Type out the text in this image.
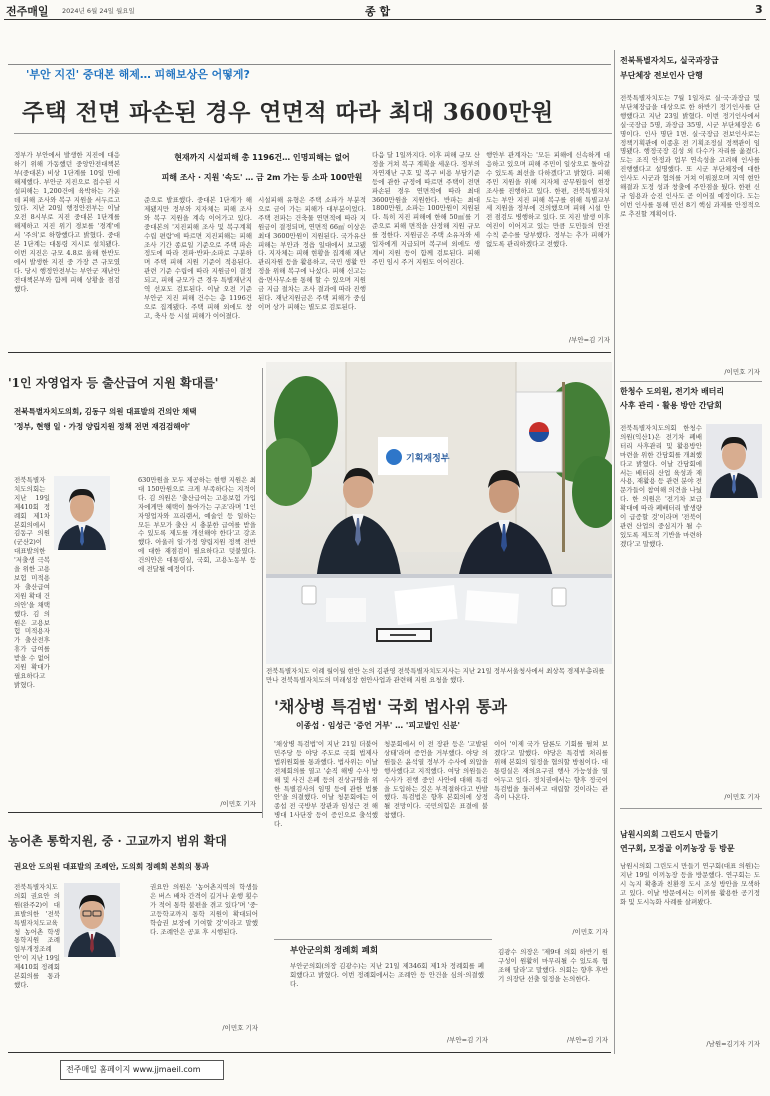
전주매일 2024년 6월 24일 월요일	종 합	3
'부안 지진' 중대본 해제… 피해보상은 어떻게?
주택 전면 파손된 경우 연면적 따라 최대 3600만원

정부가 부안에서 발생한 지진에 대응하기 위해 가동했던 중앙안전대책본부(중대본) 비상 1단계를 10일 만에 해제했다. 부안군 지진으로 접수된 시설피해는 1,200건에 육박하는 가운데 피해 조사와 복구 지원을 서두르고 있다. 지난 20일 행정안전부는 이날 오전 8시부로 지진 중대본 1단계를 해제하고 지진 위기 경보를 '경계'에서 '주의'로 하향했다고 밝혔다. 중대본 1단계는 대통령 지시로 설치됐다. 이번 지진은 규모 4.8로 올해 한반도에서 발생한 지진 중 가장 큰 규모였다. 당시 행정안전부는 부안군 재난안전대책본부와 함께 피해 상황을 점검했다.

현재까지 시설피해 총 1196건… 인명피해는 없어
피해 조사 · 지원 '속도' … 금 2m 가는 등 소파 100만원

준으로 발표했다. 중대본 1단계가 해제됐지만 정부와 지자체는 피해 조사와 복구 지원을 계속 이어가고 있다. 중대본의 '지진피해 조사 및 복구계획 수립 편람'에 따르면 지진피해는 피해조사 기간 종료일 기준으로 주택 파손 정도에 따라 전파·반파·소파로 구분하며 주택 피해 지원 기준이 적용된다. 관련 기준 수립에 따라 지원금이 결정되고, 피해 규모가 큰 경우 특별재난지역 선포도 검토된다. 이날 오전 기준 부안군 지진 피해 건수는 총 1196건으로 집계됐다. 주택 피해 외에도 창고, 축사 등 시설 피해가 이어졌다.

시설피해 유형은 주택 소파가 부분적으로 금이 가는 피해가 대부분이었다. 주택 전파는 건축물 연면적에 따라 지원금이 결정되며, 연면적 66㎡ 이상은 최대 3600만원이 지원된다. 국가유산 피해는 부안과 정읍 일대에서 보고됐다. 지자체는 피해 현황을 집계해 재난관리자원 등을 활용하고, 국민 생활 안정을 위해 복구에 나섰다. 피해 신고는 읍·면사무소를 통해 할 수 있으며 지원금 지급 절차는 조사 결과에 따라 진행된다. 재난지원금은 주택 피해가 중심이며 상가 피해는 별도로 검토된다.

다음 달 1일까지다. 이후 피해 규모 산정을 거쳐 복구 계획을 세운다. 정부의 자연재난 구호 및 복구 비용 부담기준 등에 관한 규정에 따르면 주택이 전면 파손된 경우 연면적에 따라 최대 3600만원을 지원한다. 반파는 최대 1800만원, 소파는 100만원이 지원된다. 특히 지진 피해에 한해 50㎡를 기준으로 피해 면적을 산정해 지원 규모를 정한다. 지원금은 주택 소유자와 세입자에게 지급되며 복구비 외에도 생계비 지원 등이 함께 검토된다. 피해 주민 임시 주거 지원도 이어진다.

행안부 관계자는 '모든 피해에 신속하게 대응하고 있으며 피해 주민이 일상으로 돌아갈 수 있도록 최선을 다하겠다'고 밝혔다. 피해 주민 지원을 위해 지자체 공무원들이 현장 조사를 진행하고 있다. 한편, 전북특별자치도는 부안 지진 피해 복구를 위해 특별교부세 지원을 정부에 건의했으며 피해 시설 안전 점검도 병행하고 있다. 또 지진 발생 이후 여진이 이어지고 있는 만큼 도민들의 안전 수칙 준수를 당부했다. 정부는 추가 피해가 없도록 관리하겠다고 전했다.

/부안=김 기자
전북특별자치도, 실국과장급
부단체장 전보인사 단행

전북특별자치도는 7월 1일자로 실·국·과장급 및 부단체장급을 대상으로 한 하반기 정기인사를 단행했다고 지난 23일 밝혔다. 이번 정기인사에서 실·국장급 5명, 과장급 35명, 시군 부단체장은 6명이다. 인사 명단 1면. 실·국장급 전보인사로는 정책기획관에 이종훈 전 기획조정실 정책관이 임명됐다. 행정국장 김성 외 다수가 자리를 옮겼다. 도는 조직 안정과 업무 연속성을 고려해 인사를 진행했다고 설명했다. 또 시군 부단체장에 대한 인사도 시군과 협의를 거쳐 이뤄졌으며 지역 현안 해결과 도정 성과 창출에 주안점을 뒀다. 한편 신규 임용과 승진 인사도 곧 이어질 예정이다. 도는 이번 인사를 통해 민선 8기 핵심 과제를 안정적으로 추진할 계획이다.

/이민호 기자
'1인 자영업자 등 출산급여 지원 확대를'
전북특별자치도의회, 김동구 의원 대표발의 건의안 채택
'정부, 현행 일 · 가정 양립지원 정책 전면 재검검해야'

전북특별자치도의회는 지난 19일 제410회 정례회 제1차 본회의에서 김동구 의원(군산2)이 대표발의한 '저출생 극복을 위한 고용보험 미적용자 출산급여 지원 확대 건의안'을 채택했다. 김 의원은 고용보험 미적용자가 출산전후휴가 급여를 받을 수 없어 지원 확대가 필요하다고 밝혔다.

630만원을 모두 제공하는 현행 지원은 최대 150만원으로 크게 부족하다는 지적이다. 김 의원은 '출산급여는 고용보험 가입자에게만 혜택이 돌아가는 구조'라며 '1인 자영업자와 프리랜서, 예술인 등 일하는 모든 부모가 출산 시 충분한 급여를 받을 수 있도록 제도를 개선해야 한다'고 강조했다. 아울러 일·가정 양립지원 정책 전반에 대한 재점검이 필요하다고 덧붙였다. 건의안은 대통령실, 국회, 고용노동부 등에 전달될 예정이다.

/이민호 기자
기획재정부

전북특별자치도 이례 월이월 현안 논의 김관영 전북특별자치도지사는 지난 21일 정부서울청사에서 최상목 경제부총리를 만나 전북특별자치도의 미래성장 현안사업과 관련해 지원 요청을 했다.

'채상병 특검법' 국회 법사위 통과
이종섭 · 임성근 '증언 거부' … '피고발인 신분'

'채상병 특검법'이 지난 21일 더불어민주당 등 야당 주도로 국회 법제사법위원회를 통과했다. 법사위는 이날 전체회의를 열고 '순직 해병 수사 방해 및 사건 은폐 등의 진상규명을 위한 특별검사의 임명 등에 관한 법률안'을 의결했다. 이날 청문회에는 이종섭 전 국방부 장관과 임성근 전 해병대 1사단장 등이 증인으로 출석했다.

청문회에서 이 전 장관 등은 '고발된 상태'라며 증언을 거부했다. 야당 의원들은 윤석열 정부가 수사에 외압을 행사했다고 지적했다. 여당 의원들은 수사가 진행 중인 사안에 대해 특검을 도입하는 것은 부적절하다고 반발했다. 특검법은 향후 본회의에 상정될 전망이다. 국민의힘은 표결에 불참했다.

이어 '이제 국가 담론도 기회를 펼쳐 보겠다'고 말했다. 야당은 특검법 처리를 위해 본회의 일정을 협의할 방침이다. 대통령실은 재의요구권 행사 가능성을 열어두고 있다. 정치권에서는 향후 정국이 특검법을 둘러싸고 대립할 것이라는 관측이 나온다.

/이민호 기자
농어촌 통학지원, 중 · 고교까지 범위 확대
권요안 도의원 대표발의 조례안, 도의회 정례회 본회의 통과

전북특별자치도의회 권요안 의원(완주2)이 대표발의한 '전북특별자치도교육청 농어촌 학생 통학지원 조례 일부개정조례안'이 지난 19일 제410회 정례회 본회의를 통과했다.

권요안 의원은 '농어촌지역의 학생들은 버스 배차 간격이 길거나 운행 횟수가 적어 통학 불편을 겪고 있다'며 '중·고등학교까지 통학 지원이 확대되어 학습권 보장에 기여할 것'이라고 말했다. 조례안은 공포 후 시행된다.

/이민호 기자
부안군의회 정례회 폐회

부안군의회(의장 김광수)는 지난 21일 제346회 제1차 정례회를 폐회했다고 밝혔다. 이번 정례회에서는 조례안 등 안건을 심의·의결했다.

/부안=김 기자

김광수 의장은 '제9대 의회 하반기 원구성이 원활히 마무리될 수 있도록 협조해 달라'고 말했다. 의회는 향후 후반기 의장단 선출 일정을 논의한다.

/부안=김 기자
한청수 도의원, 전기차 배터리
사후 관리 · 활용 방안 간담회

전북특별자치도의회 한청수 의원(익산1)은 전기차 폐배터리 사후관리 및 활용방안 마련을 위한 간담회를 개최했다고 밝혔다. 이날 간담회에서는 배터리 산업 육성과 재사용, 재활용 등 관련 분야 전문가들이 참여해 의견을 나눴다. 한 의원은 '전기차 보급 확대에 따라 폐배터리 발생량이 급증할 것'이라며 '전북이 관련 산업의 중심지가 될 수 있도록 제도적 기반을 마련하겠다'고 말했다.

/이민호 기자
남원시의회 그린도시 만들기
연구회, 모정골 이끼농장 등 방문

남원시의회 그린도시 만들기 연구회(대표 의원)는 지난 19일 이끼농장 등을 방문했다. 연구회는 도시 녹지 확충과 친환경 도시 조성 방안을 모색하고 있다. 이날 방문에서는 이끼를 활용한 공기정화 및 도시녹화 사례를 살펴봤다.

/남원=김기자 기자
전주매일 홈페이지 www.jjmaeil.com
